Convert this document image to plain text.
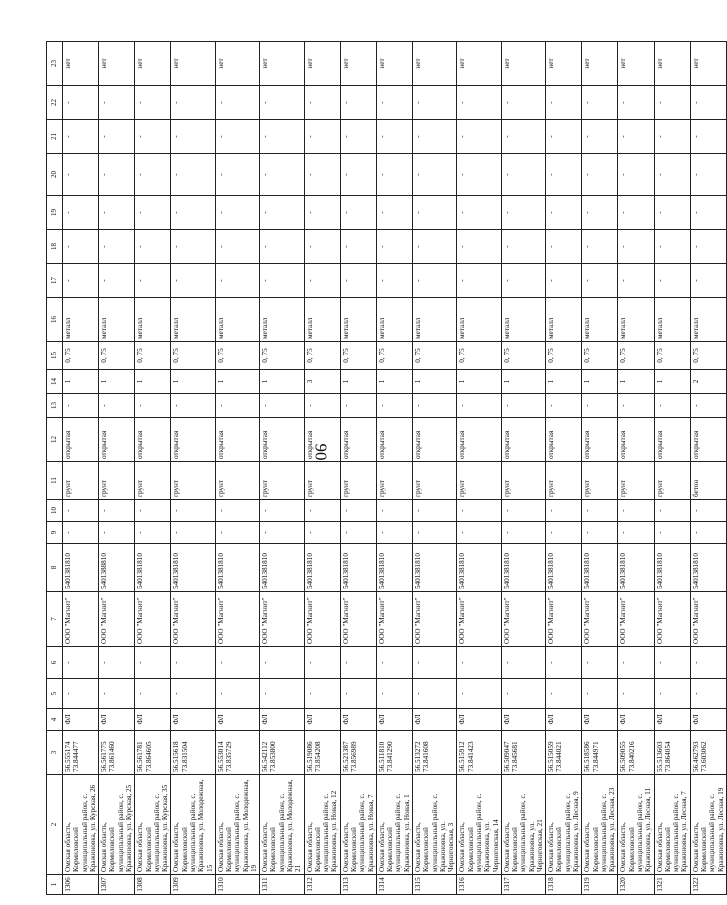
90
1	2	3	4	5	6	7	8	9	10	11	12	13	14	15	16	17	18	19	20	21	22	23
1306	Омская область, Кормиловский муниципальный район, с. Кражиновка, ул. Курская, 26	56.555174 73.844477	ФЛ	-	-	ООО "Магнит"	5401381810	-	-	грунт	открытая	-	1	0, 75	металл	-	-	-	-	-	-	нет
1307	Омская область, Кормиловский муниципальный район, с. Кражиновка, ул. Курская, 25	56.561775 73.861460	ФЛ	-	-	ООО "Магнит"	5401388810	-	-	грунт	открытая	-	1	0, 75	металл	-	-	-	-	-	-	нет
1308	Омская область, Кормиловский муниципальный район, с. Кражиновка, ул. Курская, 35	56.561781 73.864605	ФЛ	-	-	ООО "Магнит"	5401381810	-	-	грунт	открытая	-	1	0, 75	металл	-	-	-	-	-	-	нет
1309	Омская область, Кормиловский муниципальный район, с. Кражиновка, ул. Молодежная, 15	56.515618 73.831504	ФЛ	-	-	ООО "Магнит"	5401381810	-	-	грунт	открытая	-	1	0, 75	металл	-	-	-	-	-	-	нет
1310	Омская область, Кормиловский муниципальный район, с. Кражиновка, ул. Молодежная, 19	56.553014 73.835729	ФЛ	-	-	ООО "Магнит"	5401381810	-	-	грунт	открытая	-	1	0, 75	металл	-	-	-	-	-	-	нет
1311	Омская область, Кормиловский муниципальный район, с. Кражиновка, ул. Молодежная, 21	56.542112 73.853800	ФЛ	-	-	ООО "Магнит"	5401381810	-	-	грунт	открытая	-	1	0, 75	металл	-	-	-	-	-	-	нет
1312	Омская область, Кормиловский муниципальный район, с. Кражиновка, ул. Новая, 12	56.519086 73.854208	ФЛ	-	-	ООО "Магнит"	5401381810	-	-	грунт	открытая	-	3	0, 75	металл	-	-	-	-	-	-	нет
1313	Омская область, Кормиловский муниципальный район, с. Кражиновка, ул. Новая, 7	56.521387 73.856989	ФЛ	-	-	ООО "Магнит"	5401381810	-	-	грунт	открытая	-	1	0, 75	металл	-	-	-	-	-	-	нет
1314	Омская область, Кормиловский муниципальный район, с. Кражиновка, ул. Новая, 1	56.511810 73.841290	ФЛ	-	-	ООО "Магнит"	5401381810	-	-	грунт	открытая	-	1	0, 75	металл	-	-	-	-	-	-	нет
1315	Омская область, Кормиловский муниципальный район, с. Кражиновка, ул. Черниговская, 3	56.513272 73.841608	ФЛ	-	-	ООО "Магнит"	5401381810	-	-	грунт	открытая	-	1	0, 75	металл	-	-	-	-	-	-	нет
1316	Омская область, Кормиловский муниципальный район, с. Кражиновка, ул. Черниговская, 14	56.515912 73.841423	ФЛ	-	-	ООО "Магнит"	5401381810	-	-	грунт	открытая	-	1	0, 75	металл	-	-	-	-	-	-	нет
1317	Омская область, Кормиловский муниципальный район, с. Кражиновка, ул. Черниговская, 21	56.509047 73.845681	ФЛ	-	-	ООО "Магнит"	5401381810	-	-	грунт	открытая	-	1	0, 75	металл	-	-	-	-	-	-	нет
1318	Омская область, Кормиловский муниципальный район, с. Кражиновка, ул. Лесная, 9	56.515059 73.844021	ФЛ	-	-	ООО "Магнит"	5401381810	-	-	грунт	открытая	-	1	0, 75	металл	-	-	-	-	-	-	нет
1319	Омская область, Кормиловский муниципальный район, с. Кражиновка, ул. Лесная, 23	56.518586 73.844971	ФЛ	-	-	ООО "Магнит"	5401381810	-	-	грунт	открытая	-	1	0, 75	металл	-	-	-	-	-	-	нет
1320	Омская область, Кормиловский муниципальный район, с. Кражиновка, ул. Лесная, 11	56.509055 73.840216	ФЛ	-	-	ООО "Магнит"	5401381810	-	-	грунт	открытая	-	1	0, 75	металл	-	-	-	-	-	-	нет
1321	Омская область, Кормиловский муниципальный район, с. Кражиновка, ул. Лесная, 7	55.513603 73.864054	ФЛ	-	-	ООО "Магнит"	5401381810	-	-	грунт	открытая	-	1	0, 75	металл	-	-	-	-	-	-	нет
1322	Омская область, Кормиловский муниципальный район, с. Кражиновка, ул. Лесная, 19	56.462793 73.603062	ФЛ	-	-	ООО "Магнит"	5401381810	-	-	бетон	открытая	-	2	0, 75	металл	-	-	-	-	-	-	нет
